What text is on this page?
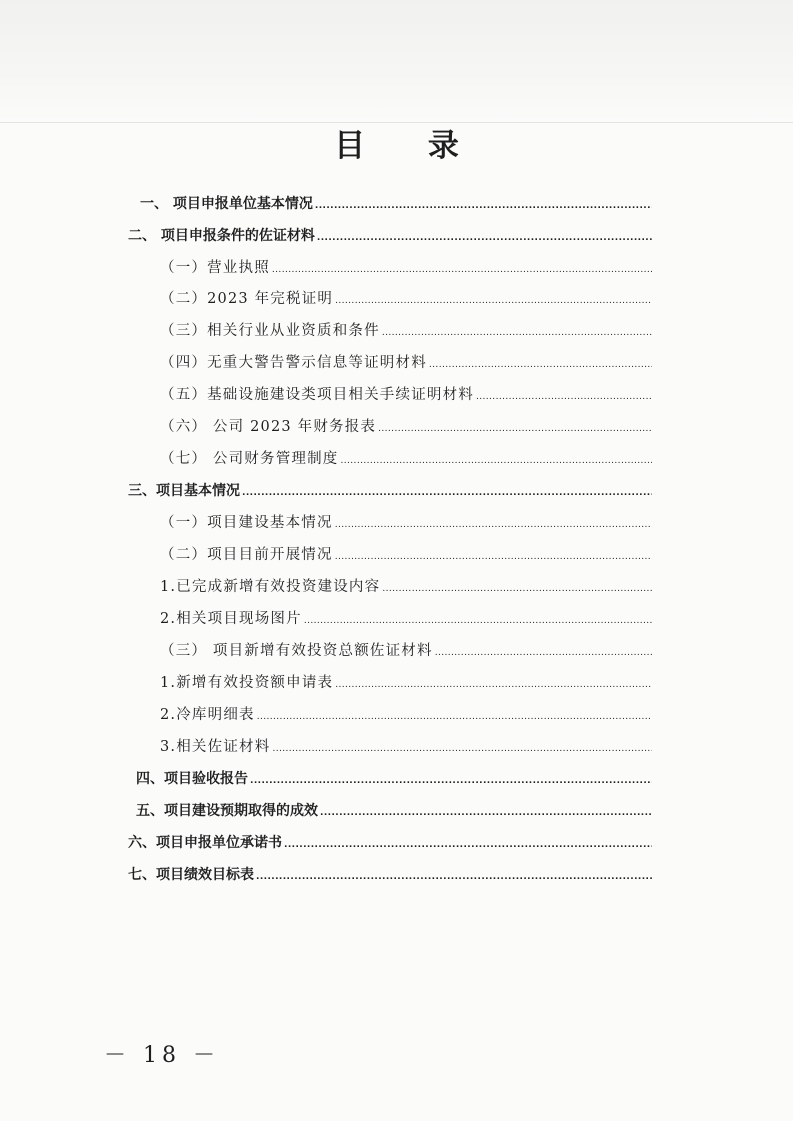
目 录
一、 项目申报单位基本情况
.....
二、 项目申报条件的佐证材料
.....
（一）营业执照
.....
（二）2023 年完税证明
.....
（三）相关行业从业资质和条件
.....
（四）无重大警告警示信息等证明材料
.....
（五）基础设施建设类项目相关手续证明材料
.....
（六） 公司 2023 年财务报表
.....
（七） 公司财务管理制度
.....
三、项目基本情况
.....
（一）项目建设基本情况
.....
（二）项目目前开展情况
.....
1.已完成新增有效投资建设内容
.....
2.相关项目现场图片
.....
（三） 项目新增有效投资总额佐证材料
.....
1.新增有效投资额申请表
.....
2.冷库明细表
.....
3.相关佐证材料
.....
四、项目验收报告
.....
五、项目建设预期取得的成效
.....
六、项目申报单位承诺书
.....
七、项目绩效目标表
.....
－ 18 －
